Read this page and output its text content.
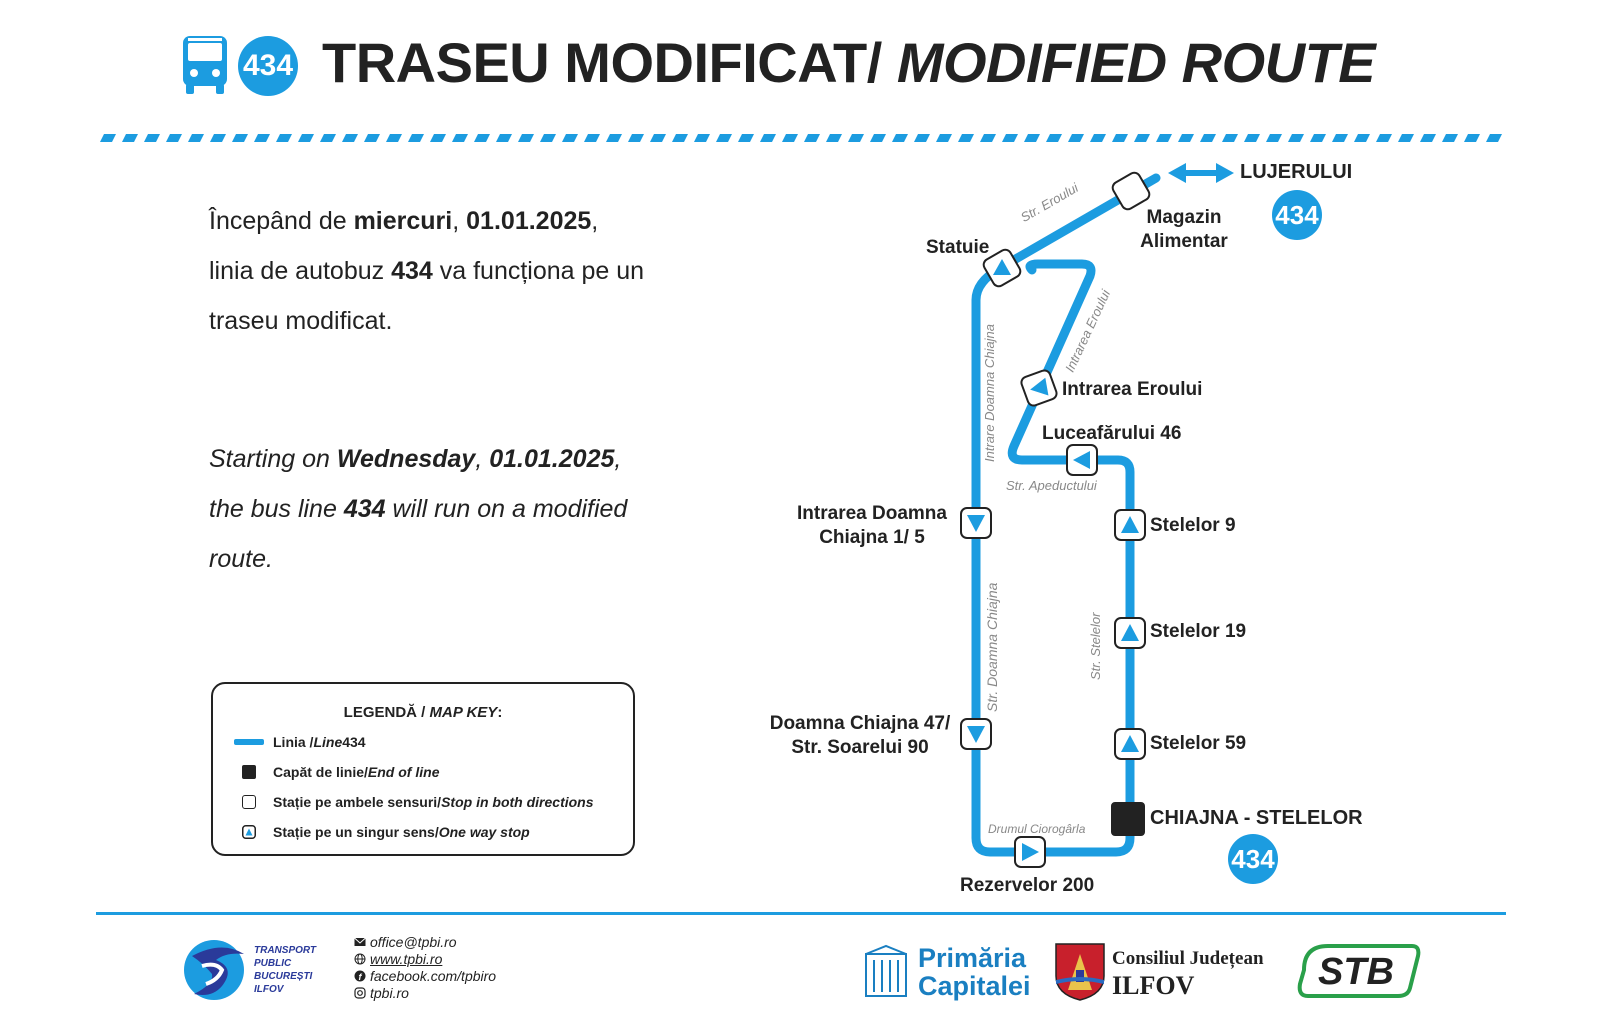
434 TRASEU MODIFICAT/ MODIFIED ROUTE
Începând de miercuri, 01.01.2025, linia de autobuz 434 va funcționa pe un traseu modificat.
Starting on Wednesday, 01.01.2025, the bus line 434 will run on a modified route.
LEGENDĂ / MAP KEY:
Linia / Line 434
Capăt de linie/ End of line
Stație pe ambele sensuri/ Stop in both directions
Stație pe un singur sens/ One way stop
LUJERULUI
434
Magazin
Alimentar
Statuie
Intrarea Eroului
Luceafărului 46
Intrarea Doamna
Chiajna 1/ 5
Stelelor 9
Stelelor 19
Doamna Chiajna 47/
Str. Soarelui 90	Stelelor 59
CHIAJNA - STELELOR
434
Rezervelor 200
Str. Eroului
Intrare Doamna Chiajna	Intrarea Eroului
Str. Apeductului
Str. Doamna Chiajna	Str. Stelelor
Drumul Ciorogârla
TRANSPORT
PUBLIC
BUCUREȘTI
ILFOV
office@tpbi.ro
www.tpbi.ro
f facebook.com/tpbiro
tpbi.ro
Primăria
Capitalei
Consiliul Județean
ILFOV	STB
